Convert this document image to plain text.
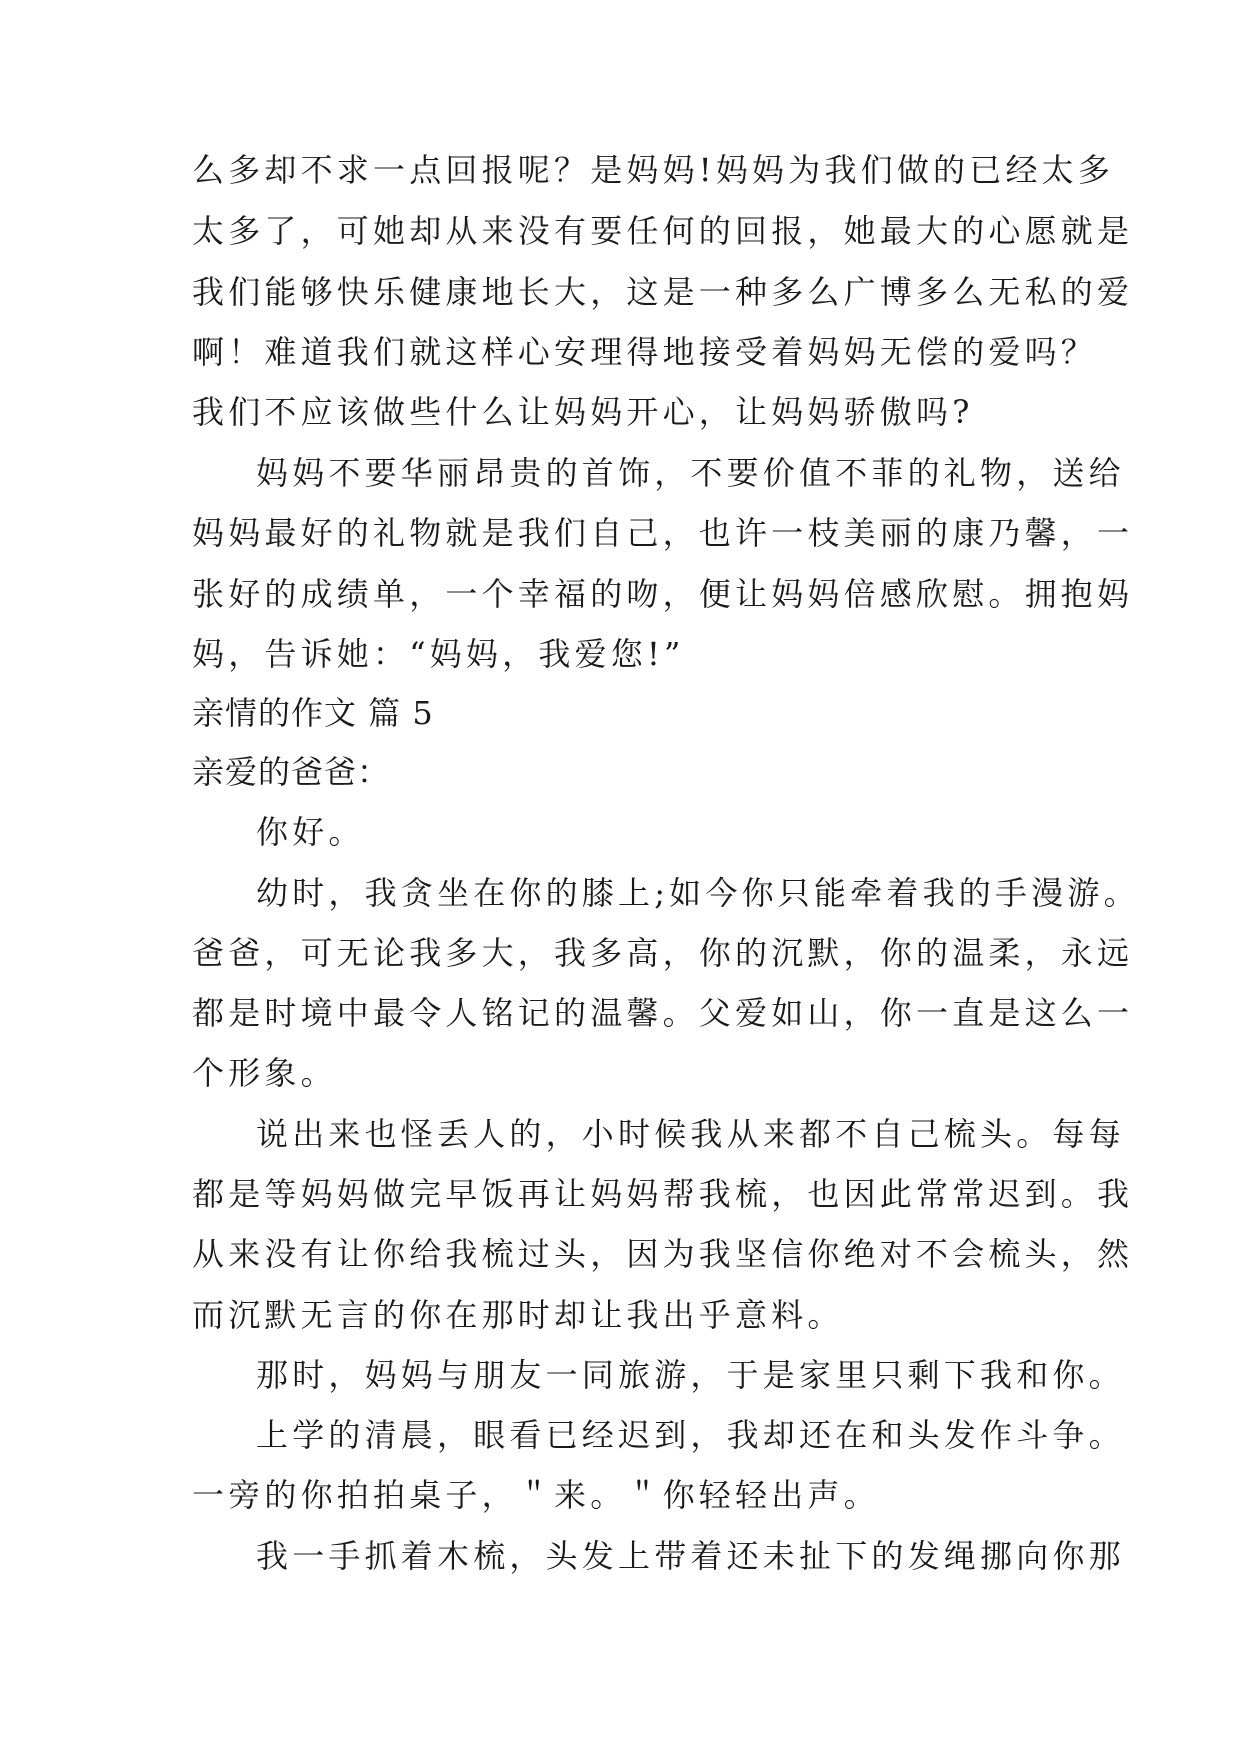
么多却不求一点回报呢？是妈妈!妈妈为我们做的已经太多
太多了，可她却从来没有要任何的回报，她最大的心愿就是
我们能够快乐健康地长大，这是一种多么广博多么无私的爱
啊！难道我们就这样心安理得地接受着妈妈无偿的爱吗？
我们不应该做些什么让妈妈开心，让妈妈骄傲吗?
妈妈不要华丽昂贵的首饰，不要价值不菲的礼物，送给
妈妈最好的礼物就是我们自己，也许一枝美丽的康乃馨，一
张好的成绩单，一个幸福的吻，便让妈妈倍感欣慰。拥抱妈
妈，告诉她：“妈妈，我爱您!”
亲情的作文 篇 5
亲爱的爸爸：
你好。
幼时，我贪坐在你的膝上;如今你只能牵着我的手漫游。
爸爸，可无论我多大，我多高，你的沉默，你的温柔，永远
都是时境中最令人铭记的温馨。父爱如山，你一直是这么一
个形象。
说出来也怪丢人的，小时候我从来都不自己梳头。每每
都是等妈妈做完早饭再让妈妈帮我梳，也因此常常迟到。我
从来没有让你给我梳过头，因为我坚信你绝对不会梳头，然
而沉默无言的你在那时却让我出乎意料。
那时，妈妈与朋友一同旅游，于是家里只剩下我和你。
上学的清晨，眼看已经迟到，我却还在和头发作斗争。
一旁的你拍拍桌子，＂来。＂你轻轻出声。
我一手抓着木梳，头发上带着还未扯下的发绳挪向你那
